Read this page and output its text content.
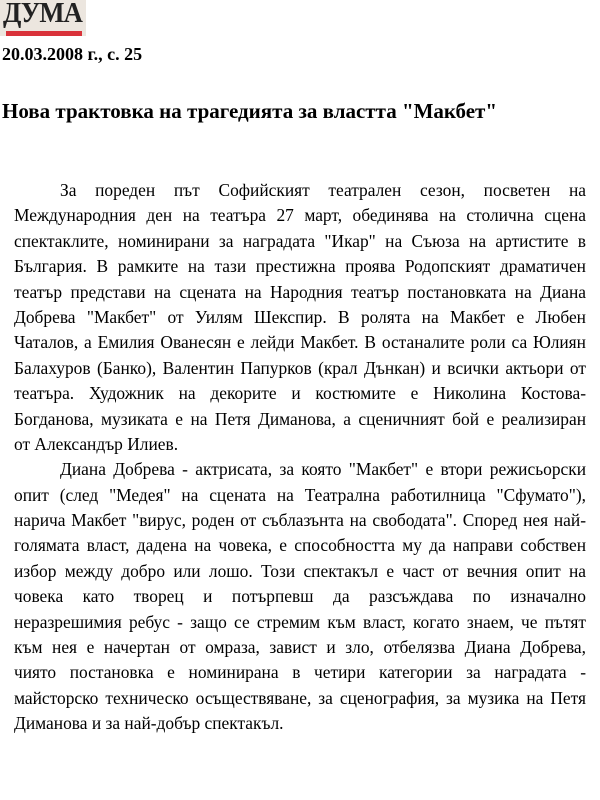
ДУМА
20.03.2008 г., с. 25
Нова трактовка на трагедията за властта "Макбет"
За пореден път Софийският театрален сезон, посветен на
Международния ден на театъра 27 март, обединява на столична сцена
спектаклите, номинирани за наградата "Икар" на Съюза на артистите в
България. В рамките на тази престижна проява Родопският драматичен
театър представи на сцената на Народния театър постановката на Диана
Добрева "Макбет" от Уилям Шекспир. В ролята на Макбет е Любен
Чаталов, а Емилия Ованесян е лейди Макбет. В останалите роли са Юлиян
Балахуров (Банко), Валентин Папурков (крал Дънкан) и всички актьори от
театъра. Художник на декорите и костюмите е Николина Костова-
Богданова, музиката е на Петя Диманова, а сценичният бой е реализиран
от Александър Илиев.
Диана Добрева - актрисата, за която "Макбет" е втори режисьорски
опит (след "Медея" на сцената на Театрална работилница "Сфумато"),
нарича Макбет "вирус, роден от съблазънта на свободата". Според нея най-
голямата власт, дадена на човека, е способността му да направи собствен
избор между добро или лошо. Този спектакъл е част от вечния опит на
човека като творец и потърпевш да разсъждава по изначално
неразрешимия ребус - защо се стремим към власт, когато знаем, че пътят
към нея е начертан от омраза, завист и зло, отбелязва Диана Добрева,
чиято постановка е номинирана в четири категории за наградата -
майсторско техническо осъществяване, за сценография, за музика на Петя
Диманова и за най-добър спектакъл.
